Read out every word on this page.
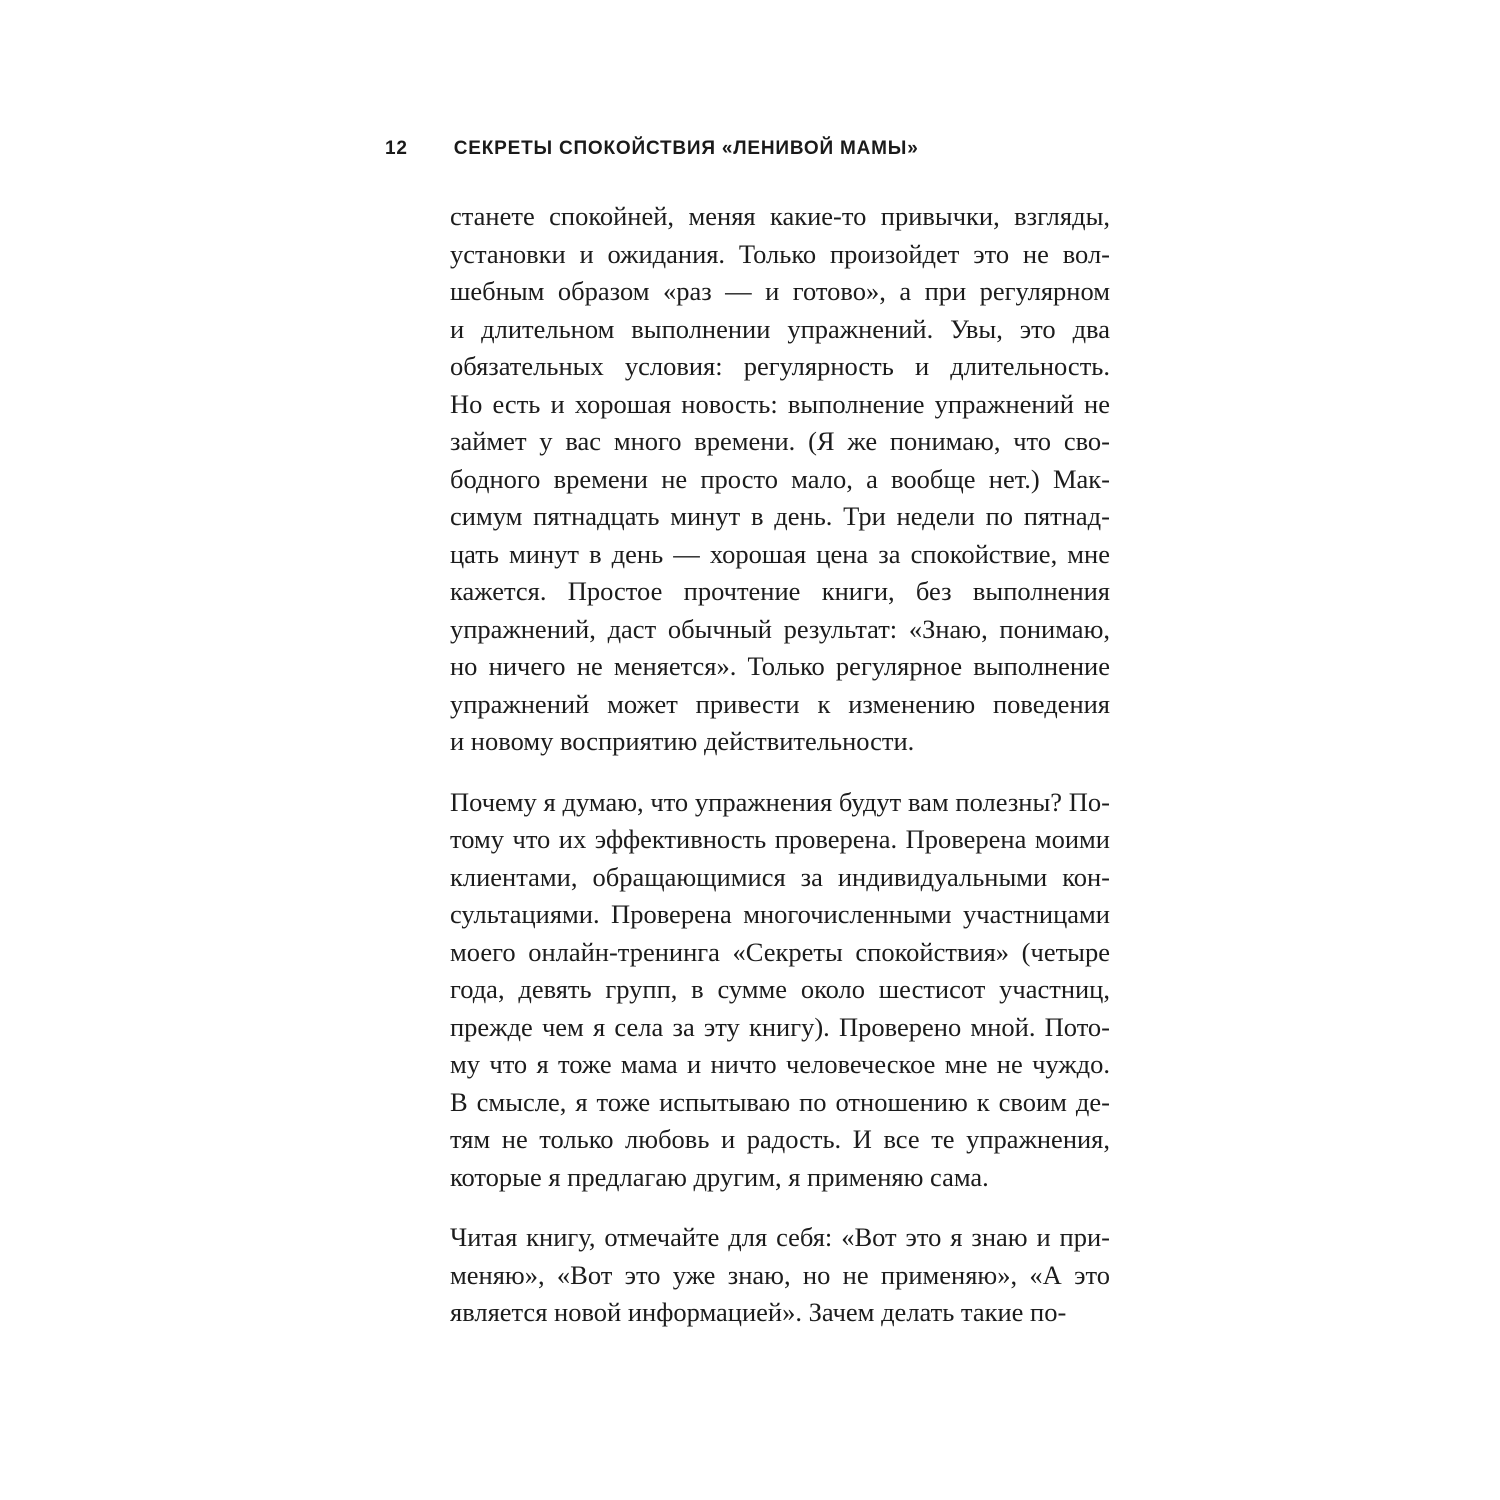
12 СЕКРЕТЫ СПОКОЙСТВИЯ «ЛЕНИВОЙ МАМЫ»
станете спокойней, меняя какие-то привычки, взгляды,
установки и ожидания. Только произойдет это не вол-
шебным образом «раз — и готово», а при регулярном
и длительном выполнении упражнений. Увы, это два
обязательных условия: регулярность и длительность.
Но есть и хорошая новость: выполнение упражнений не
займет у вас много времени. (Я же понимаю, что сво-
бодного времени не просто мало, а вообще нет.) Мак-
симум пятнадцать минут в день. Три недели по пятнад-
цать минут в день — хорошая цена за спокойствие, мне
кажется. Простое прочтение книги, без выполнения
упражнений, даст обычный результат: «Знаю, понимаю,
но ничего не меняется». Только регулярное выполнение
упражнений может привести к изменению поведения
и новому восприятию действительности.
Почему я думаю, что упражнения будут вам полезны? По-
тому что их эффективность проверена. Проверена моими
клиентами, обращающимися за индивидуальными кон-
сультациями. Проверена многочисленными участницами
моего онлайн-тренинга «Секреты спокойствия» (четыре
года, девять групп, в сумме около шестисот участниц,
прежде чем я села за эту книгу). Проверено мной. Пото-
му что я тоже мама и ничто человеческое мне не чуждо.
В смысле, я тоже испытываю по отношению к своим де-
тям не только любовь и радость. И все те упражнения,
которые я предлагаю другим, я применяю сама.
Читая книгу, отмечайте для себя: «Вот это я знаю и при-
меняю», «Вот это уже знаю, но не применяю», «А это
является новой информацией». Зачем делать такие по-
